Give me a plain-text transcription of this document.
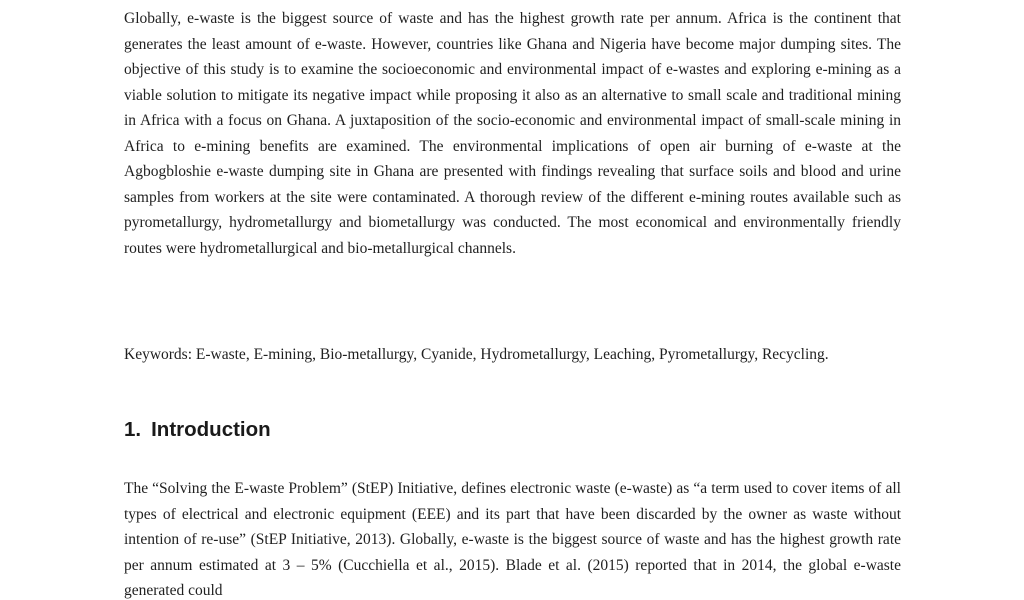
Globally, e-waste is the biggest source of waste and has the highest growth rate per annum. Africa is the continent that generates the least amount of e-waste. However, countries like Ghana and Nigeria have become major dumping sites. The objective of this study is to examine the socioeconomic and environmental impact of e-wastes and exploring e-mining as a viable solution to mitigate its negative impact while proposing it also as an alternative to small scale and traditional mining in Africa with a focus on Ghana. A juxtaposition of the socio-economic and environmental impact of small-scale mining in Africa to e-mining benefits are examined. The environmental implications of open air burning of e-waste at the Agbogbloshie e-waste dumping site in Ghana are presented with findings revealing that surface soils and blood and urine samples from workers at the site were contaminated. A thorough review of the different e-mining routes available such as pyrometallurgy, hydrometallurgy and biometallurgy was conducted. The most economical and environmentally friendly routes were hydrometallurgical and bio-metallurgical channels.

Keywords: E-waste, E-mining, Bio-metallurgy, Cyanide, Hydrometallurgy, Leaching, Pyrometallurgy, Recycling.

1. Introduction

The “Solving the E-waste Problem” (StEP) Initiative, defines electronic waste (e-waste) as “a term used to cover items of all types of electrical and electronic equipment (EEE) and its part that have been discarded by the owner as waste without intention of re-use” (StEP Initiative, 2013). Globally, e-waste is the biggest source of waste and has the highest growth rate per annum estimated at 3 – 5% (Cucchiella et al., 2015). Blade et al. (2015) reported that in 2014, the global e-waste generated could
